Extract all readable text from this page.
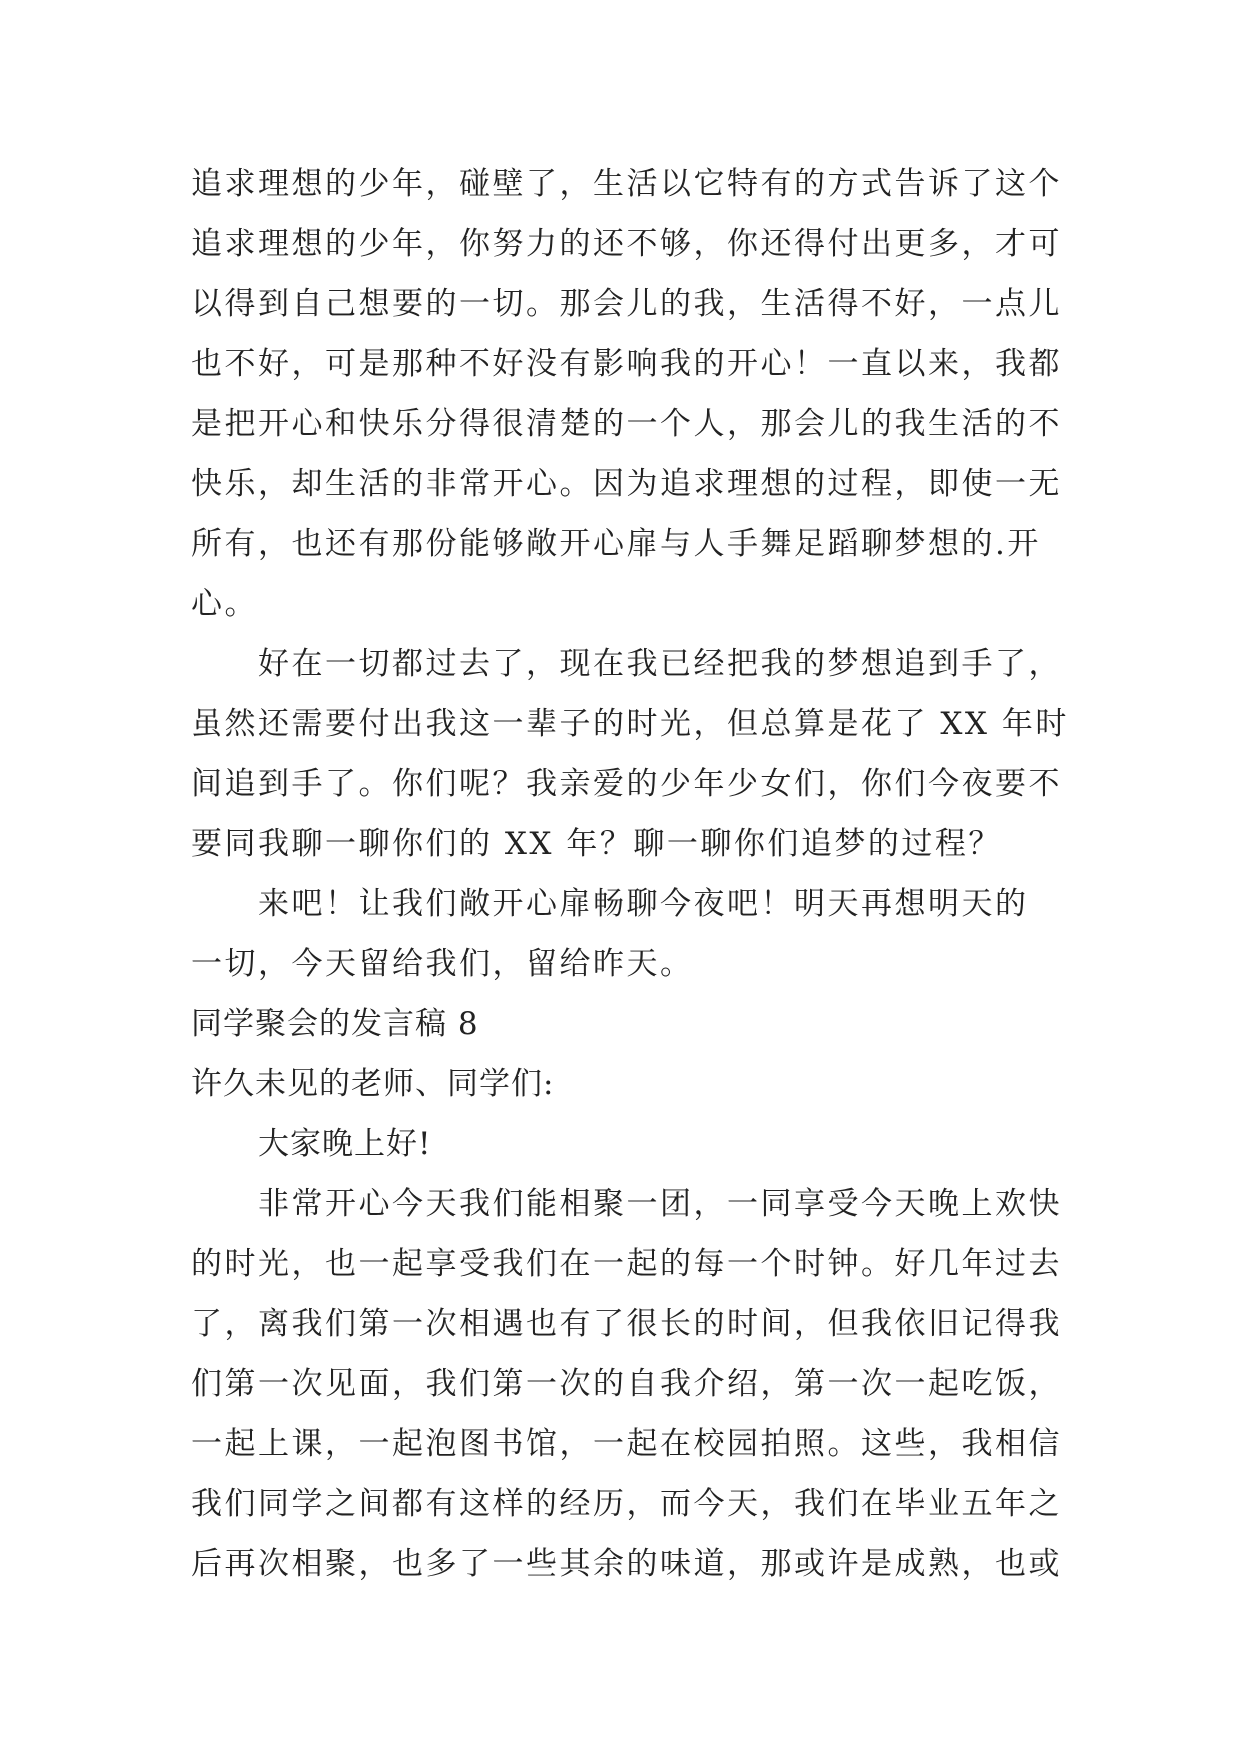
追求理想的少年，碰壁了，生活以它特有的方式告诉了这个
追求理想的少年，你努力的还不够，你还得付出更多，才可
以得到自己想要的一切。那会儿的我，生活得不好，一点儿
也不好，可是那种不好没有影响我的开心！一直以来，我都
是把开心和快乐分得很清楚的一个人，那会儿的我生活的不
快乐，却生活的非常开心。因为追求理想的过程，即使一无
所有，也还有那份能够敞开心扉与人手舞足蹈聊梦想的.开
心。
好在一切都过去了，现在我已经把我的梦想追到手了，
虽然还需要付出我这一辈子的时光，但总算是花了 XX 年时
间追到手了。你们呢？我亲爱的少年少女们，你们今夜要不
要同我聊一聊你们的 XX 年？聊一聊你们追梦的过程？
来吧！让我们敞开心扉畅聊今夜吧！明天再想明天的
一切，今天留给我们，留给昨天。
同学聚会的发言稿 8
许久未见的老师、同学们:
大家晚上好!
非常开心今天我们能相聚一团，一同享受今天晚上欢快
的时光，也一起享受我们在一起的每一个时钟。好几年过去
了，离我们第一次相遇也有了很长的时间，但我依旧记得我
们第一次见面，我们第一次的自我介绍，第一次一起吃饭，
一起上课，一起泡图书馆，一起在校园拍照。这些，我相信
我们同学之间都有这样的经历，而今天，我们在毕业五年之
后再次相聚，也多了一些其余的味道，那或许是成熟，也或
